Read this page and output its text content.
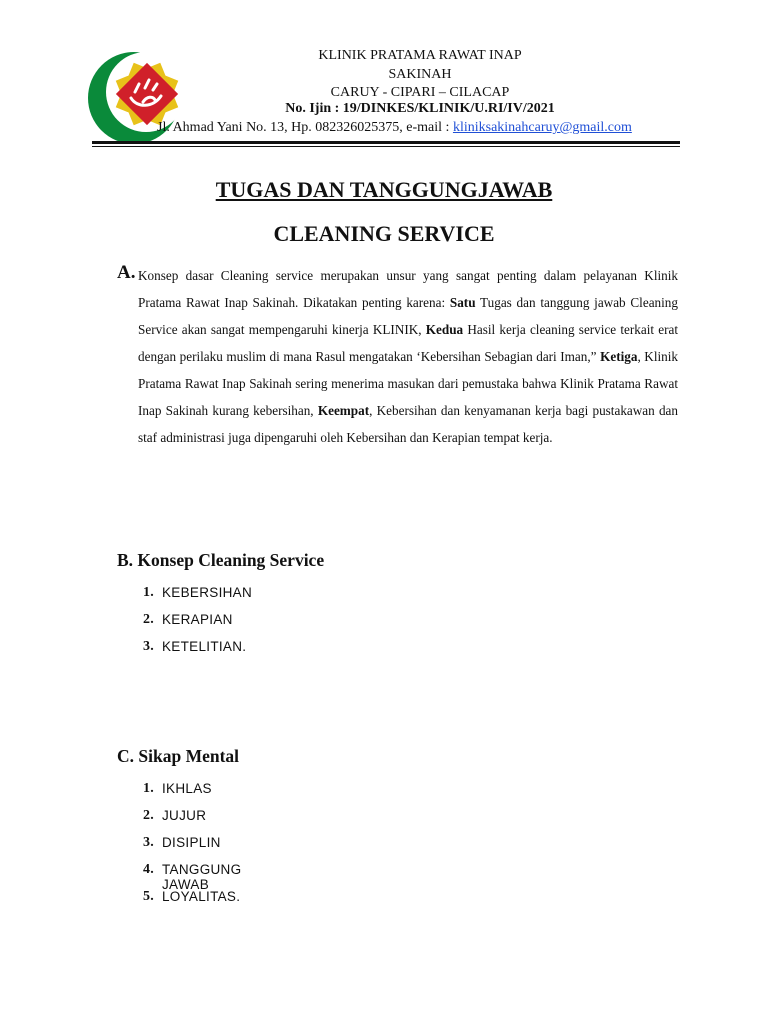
KLINIK PRATAMA RAWAT INAP
SAKINAH
CARUY - CIPARI – CILACAP
No. Ijin : 19/DINKES/KLINIK/U.RI/IV/2021
Jl. Ahmad Yani No. 13, Hp. 082326025375, e-mail : kliniksakinahcaruy@gmail.com
TUGAS DAN TANGGUNGJAWAB
CLEANING SERVICE
A. Konsep dasar Cleaning service merupakan unsur yang sangat penting dalam pelayanan Klinik Pratama Rawat Inap Sakinah. Dikatakan penting karena: Satu Tugas dan tanggung jawab Cleaning Service akan sangat mempengaruhi kinerja KLINIK, Kedua Hasil kerja cleaning service terkait erat dengan perilaku muslim di mana Rasul mengatakan ‘Kebersihan Sebagian dari Iman,” Ketiga, Klinik Pratama Rawat Inap Sakinah sering menerima masukan dari pemustaka bahwa Klinik Pratama Rawat Inap Sakinah kurang kebersihan, Keempat, Kebersihan dan kenyamanan kerja bagi pustakawan dan staf administrasi juga dipengaruhi oleh Kebersihan dan Kerapian tempat kerja.
B. Konsep Cleaning Service
1. KEBERSIHAN
2. KERAPIAN
3. KETELITIAN.
C. Sikap Mental
1. IKHLAS
2. JUJUR
3. DISIPLIN
4. TANGGUNG JAWAB
5. LOYALITAS.
